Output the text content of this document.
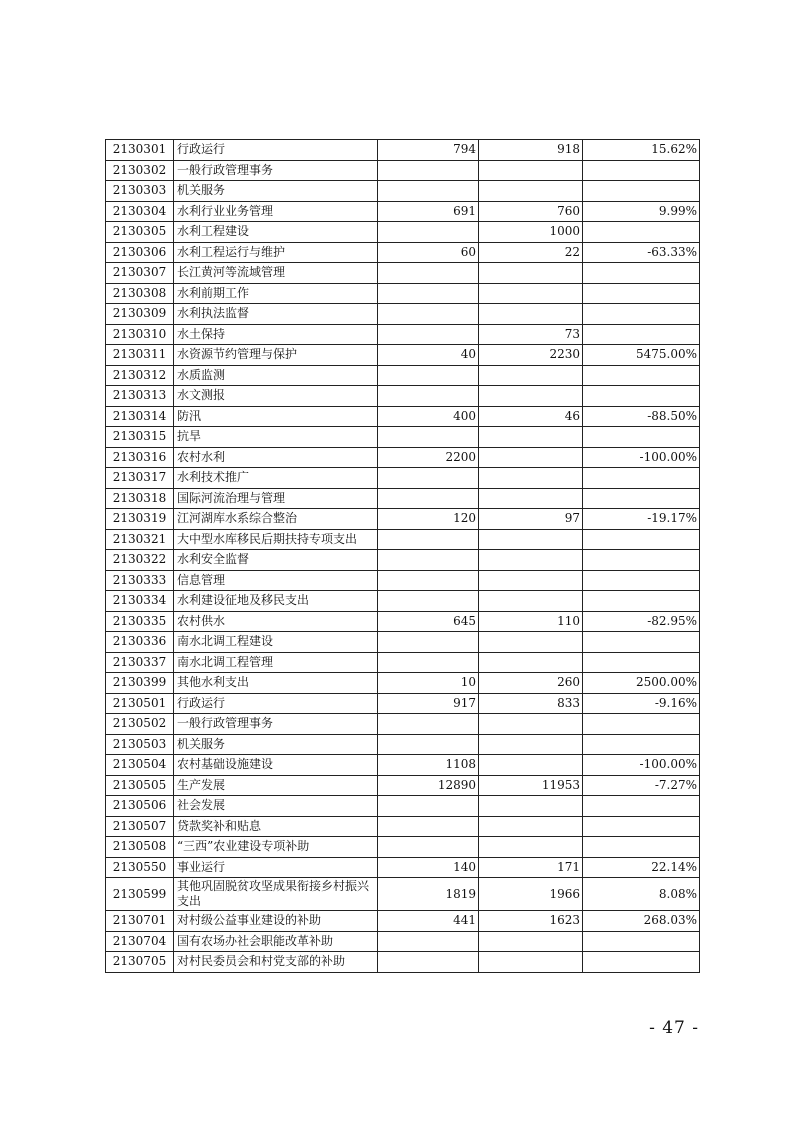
2130301	行政运行	794	918	15.62%
2130302	一般行政管理事务			
2130303	机关服务			
2130304	水利行业业务管理	691	760	9.99%
2130305	水利工程建设		1000	
2130306	水利工程运行与维护	60	22	-63.33%
2130307	长江黄河等流域管理			
2130308	水利前期工作			
2130309	水利执法监督			
2130310	水土保持		73	
2130311	水资源节约管理与保护	40	2230	5475.00%
2130312	水质监测			
2130313	水文测报			
2130314	防汛	400	46	-88.50%
2130315	抗旱			
2130316	农村水利	2200		-100.00%
2130317	水利技术推广			
2130318	国际河流治理与管理			
2130319	江河湖库水系综合整治	120	97	-19.17%
2130321	大中型水库移民后期扶持专项支出			
2130322	水利安全监督			
2130333	信息管理			
2130334	水利建设征地及移民支出			
2130335	农村供水	645	110	-82.95%
2130336	南水北调工程建设			
2130337	南水北调工程管理			
2130399	其他水利支出	10	260	2500.00%
2130501	行政运行	917	833	-9.16%
2130502	一般行政管理事务			
2130503	机关服务			
2130504	农村基础设施建设	1108		-100.00%
2130505	生产发展	12890	11953	-7.27%
2130506	社会发展			
2130507	贷款奖补和贴息			
2130508	“三西”农业建设专项补助			
2130550	事业运行	140	171	22.14%
2130599	其他巩固脱贫攻坚成果衔接乡村振兴支出	1819	1966	8.08%
2130701	对村级公益事业建设的补助	441	1623	268.03%
2130704	国有农场办社会职能改革补助			
2130705	对村民委员会和村党支部的补助			
- 47 -
